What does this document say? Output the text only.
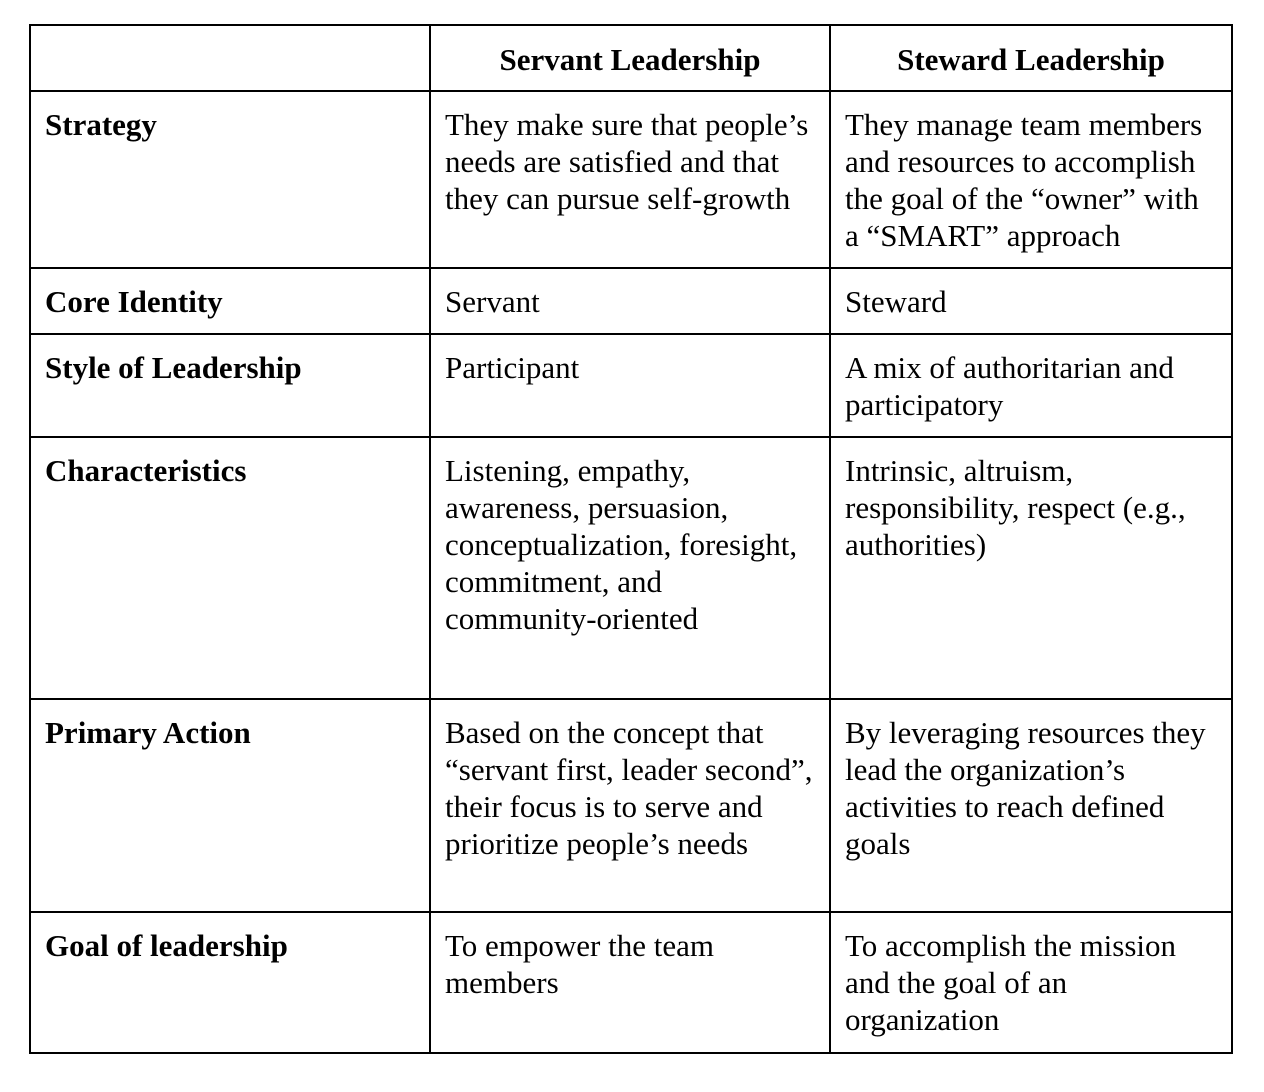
	Servant Leadership	Steward Leadership
Strategy	They make sure that people’s needs are satisfied and that they can pursue self-growth	They manage team members and resources to accomplish the goal of the “owner” with a “SMART” approach
Core Identity	Servant	Steward
Style of Leadership	Participant	A mix of authoritarian and participatory
Characteristics	Listening, empathy, awareness, persuasion, conceptualization, foresight, commitment, and community-oriented	Intrinsic, altruism, responsibility, respect (e.g., authorities)
Primary Action	Based on the concept that “servant first, leader second”, their focus is to serve and prioritize people’s needs	By leveraging resources they lead the organization’s activities to reach defined goals
Goal of leadership	To empower the team members	To accomplish the mission and the goal of an organization
